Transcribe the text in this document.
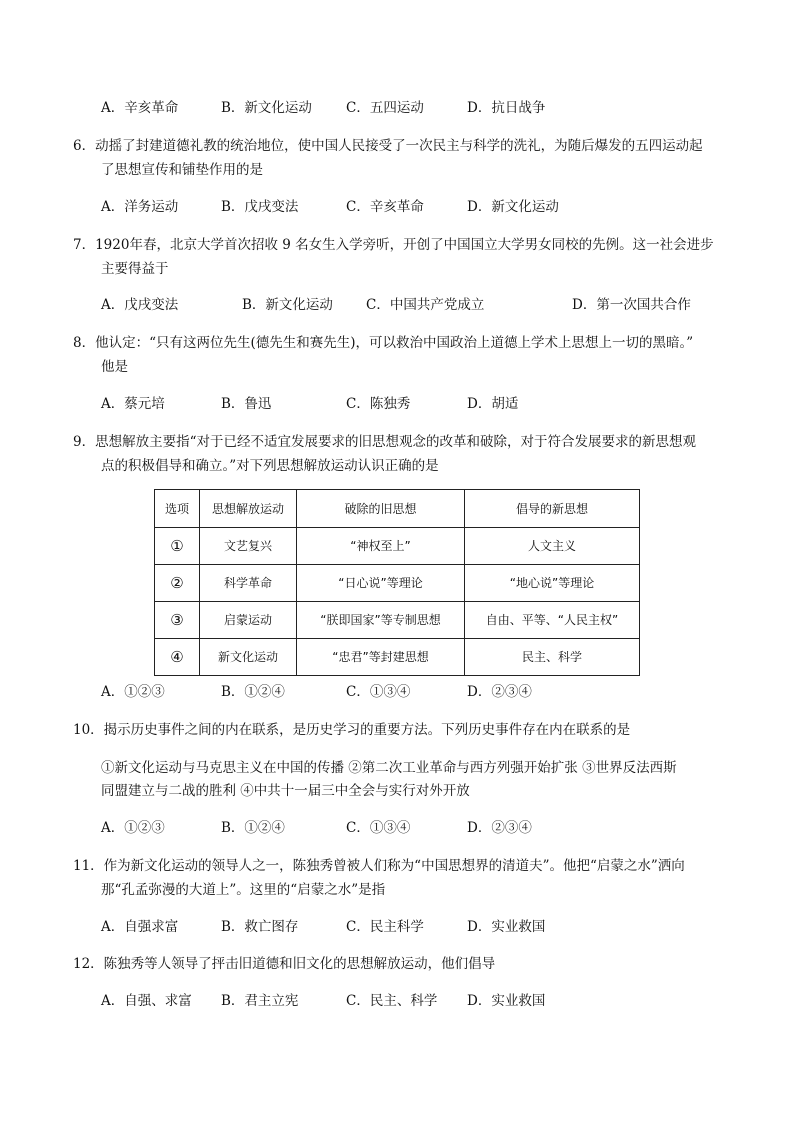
A．辛亥革命	B．新文化运动	C．五四运动	D．抗日战争
6．动摇了封建道德礼教的统治地位，使中国人民接受了一次民主与科学的洗礼，为随后爆发的五四运动起
了思想宣传和铺垫作用的是
A．洋务运动	B．戊戌变法	C．辛亥革命	D．新文化运动
7．1920年春，北京大学首次招收 9 名女生入学旁听，开创了中国国立大学男女同校的先例。这一社会进步
主要得益于
A．戊戌变法	B．新文化运动 C．中国共产党成立	D．第一次国共合作
8．他认定：“只有这两位先生(德先生和赛先生)，可以救治中国政治上道德上学术上思想上一切的黑暗。”
他是
A．蔡元培	B．鲁迅	C．陈独秀	D．胡适
9．思想解放主要指“对于已经不适宜发展要求的旧思想观念的改革和破除，对于符合发展要求的新思想观
点的积极倡导和确立。”对下列思想解放运动认识正确的是
选项	思想解放运动	破除的旧思想	倡导的新思想
①	文艺复兴	“神权至上”	人文主义
②	科学革命	“日心说”等理论	“地心说”等理论
③	启蒙运动	“朕即国家”等专制思想	自由、平等、“人民主权”
④	新文化运动	“忠君”等封建思想	民主、科学
A．①②③	B．①②④	C．①③④	D．②③④
10．揭示历史事件之间的内在联系，是历史学习的重要方法。下列历史事件存在内在联系的是
①新文化运动与马克思主义在中国的传播 ②第二次工业革命与西方列强开始扩张 ③世界反法西斯
同盟建立与二战的胜利 ④中共十一届三中全会与实行对外开放
A．①②③	B．①②④	C．①③④	D．②③④
11．作为新文化运动的领导人之一，陈独秀曾被人们称为“中国思想界的清道夫”。他把“启蒙之水”洒向
那“孔孟弥漫的大道上”。这里的“启蒙之水”是指
A．自强求富	B．救亡图存	C．民主科学	D．实业救国
12．陈独秀等人领导了抨击旧道德和旧文化的思想解放运动，他们倡导
A．自强、求富 B．君主立宪	C．民主、科学 D．实业救国
